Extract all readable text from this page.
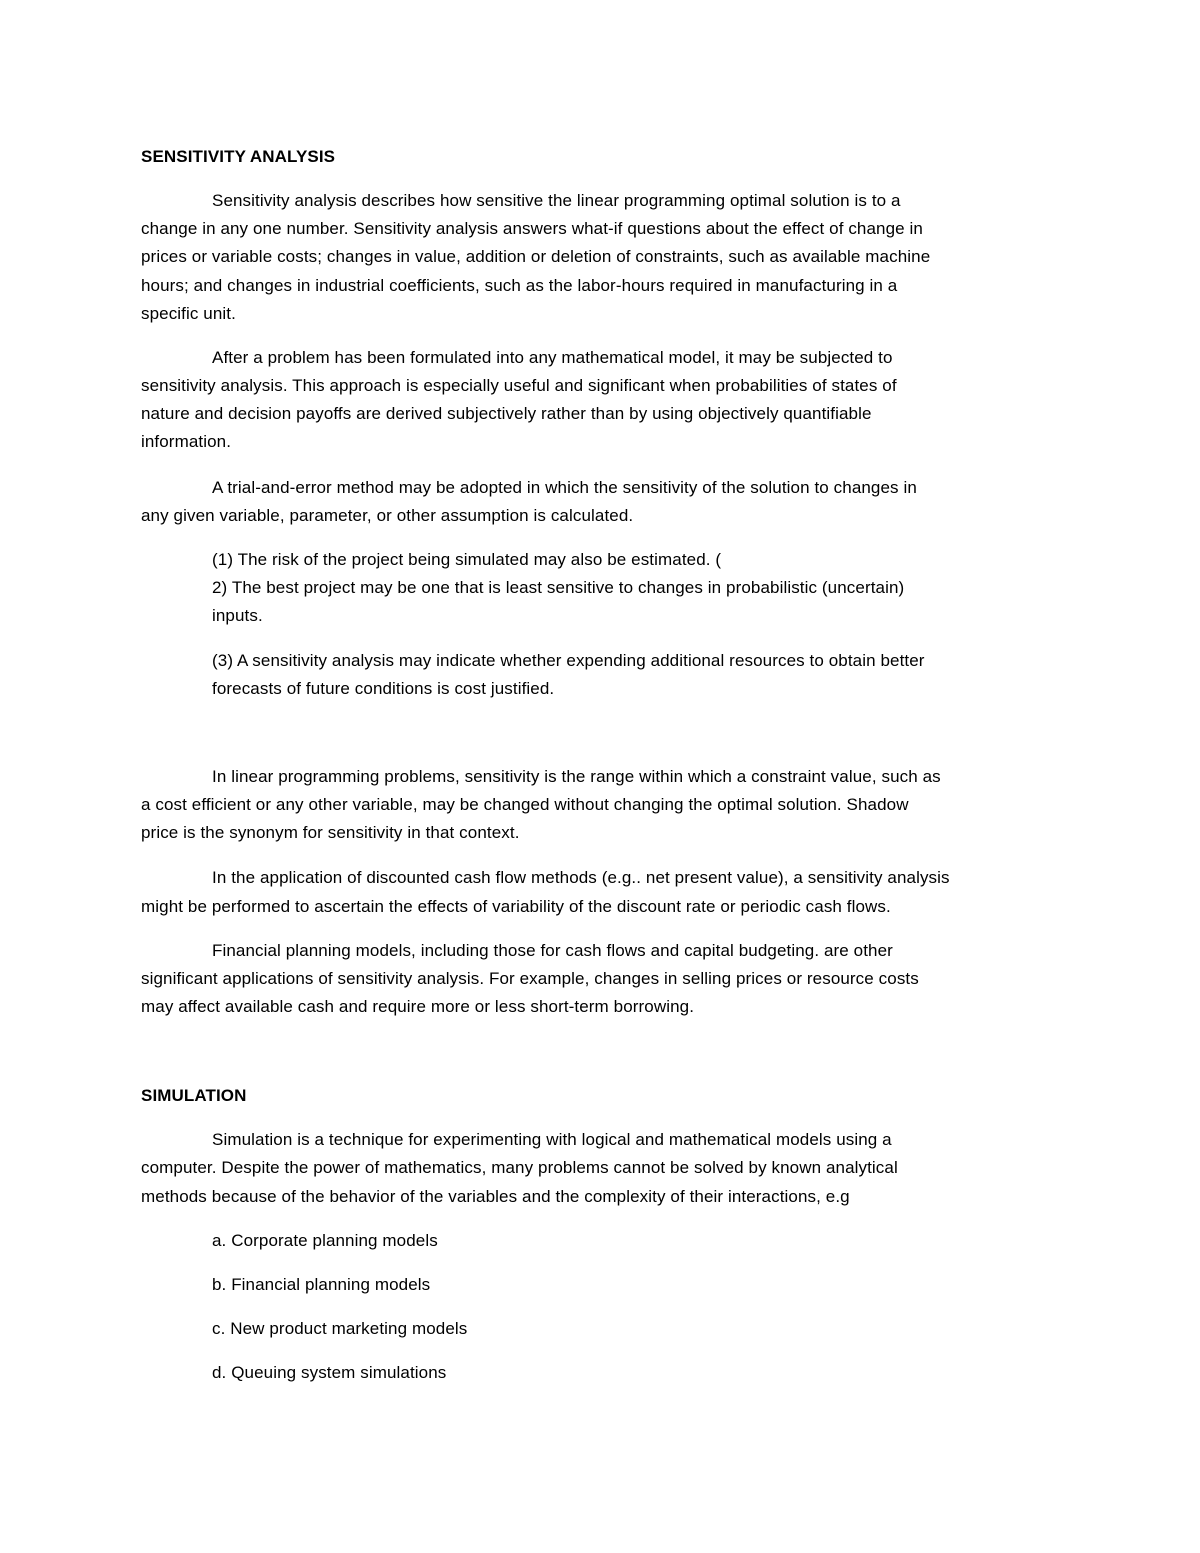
SENSITIVITY ANALYSIS

Sensitivity analysis describes how sensitive the linear programming optimal solution is to a

change in any one number. Sensitivity analysis answers what-if questions about the effect of change in

prices or variable costs; changes in value, addition or deletion of constraints, such as available machine

hours; and changes in industrial coefficients, such as the labor-hours required in manufacturing in a

specific unit.

After a problem has been formulated into any mathematical model, it may be subjected to

sensitivity analysis. This approach is especially useful and significant when probabilities of states of

nature and decision payoffs are derived subjectively rather than by using objectively quantifiable

information.

A trial-and-error method may be adopted in which the sensitivity of the solution to changes in

any given variable, parameter, or other assumption is calculated.

(1) The risk of the project being simulated may also be estimated. (

2) The best project may be one that is least sensitive to changes in probabilistic (uncertain)

inputs.

(3) A sensitivity analysis may indicate whether expending additional resources to obtain better

forecasts of future conditions is cost justified.

In linear programming problems, sensitivity is the range within which a constraint value, such as

a cost efficient or any other variable, may be changed without changing the optimal solution. Shadow

price is the synonym for sensitivity in that context.

In the application of discounted cash flow methods (e.g.. net present value), a sensitivity analysis

might be performed to ascertain the effects of variability of the discount rate or periodic cash flows.

Financial planning models, including those for cash flows and capital budgeting. are other

significant applications of sensitivity analysis. For example, changes in selling prices or resource costs

may affect available cash and require more or less short-term borrowing.

SIMULATION

Simulation is a technique for experimenting with logical and mathematical models using a

computer. Despite the power of mathematics, many problems cannot be solved by known analytical

methods because of the behavior of the variables and the complexity of their interactions, e.g

a. Corporate planning models

b. Financial planning models

c. New product marketing models

d. Queuing system simulations
